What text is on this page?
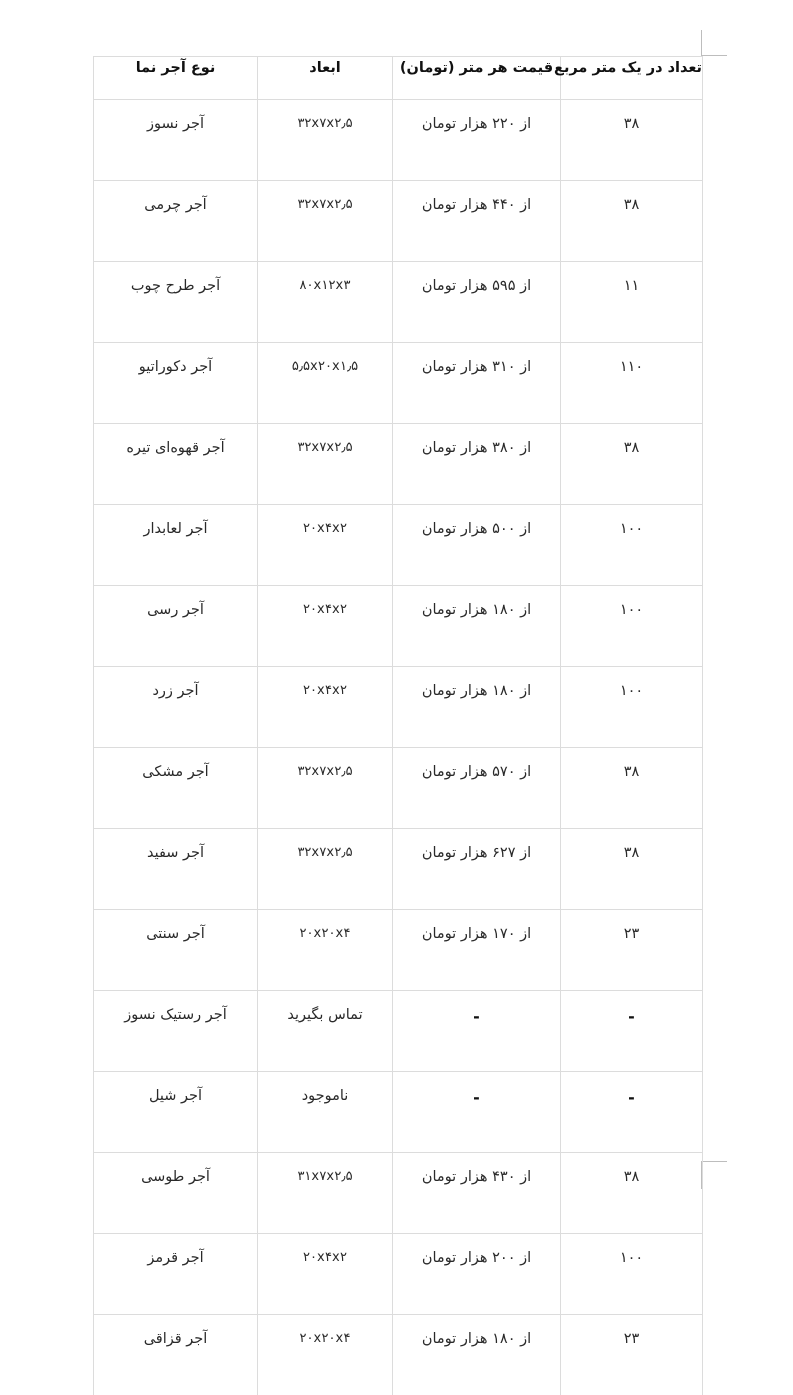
نوع آجر نما	ابعاد	قیمت هر متر (تومان)	تعداد در یک متر مربع
آجر نسوز	۳۲x۷x۲٫۵	از ۲۲۰ هزار تومان	۳۸
آجر چرمی	۳۲x۷x۲٫۵	از ۴۴۰ هزار تومان	۳۸
آجر طرح چوب	۸۰x۱۲x۳	از ۵۹۵ هزار تومان	۱۱
آجر دکوراتیو	۵٫۵x۲۰x۱٫۵	از ۳۱۰ هزار تومان	۱۱۰
آجر قهوه‌ای تیره	۳۲x۷x۲٫۵	از ۳۸۰ هزار تومان	۳۸
آجر لعابدار	۲۰x۴x۲	از ۵۰۰ هزار تومان	۱۰۰
آجر رسی	۲۰x۴x۲	از ۱۸۰ هزار تومان	۱۰۰
آجر زرد	۲۰x۴x۲	از ۱۸۰ هزار تومان	۱۰۰
آجر مشکی	۳۲x۷x۲٫۵	از ۵۷۰ هزار تومان	۳۸
آجر سفید	۳۲x۷x۲٫۵	از ۶۲۷ هزار تومان	۳۸
آجر سنتی	۲۰x۲۰x۴	از ۱۷۰ هزار تومان	۲۳
آجر رستیک نسوز	تماس بگیرید	-	-
آجر شیل	ناموجود	-	-
آجر طوسی	۳۱x۷x۲٫۵	از ۴۳۰ هزار تومان	۳۸
آجر قرمز	۲۰x۴x۲	از ۲۰۰ هزار تومان	۱۰۰
آجر قزاقی	۲۰x۲۰x۴	از ۱۸۰ هزار تومان	۲۳
